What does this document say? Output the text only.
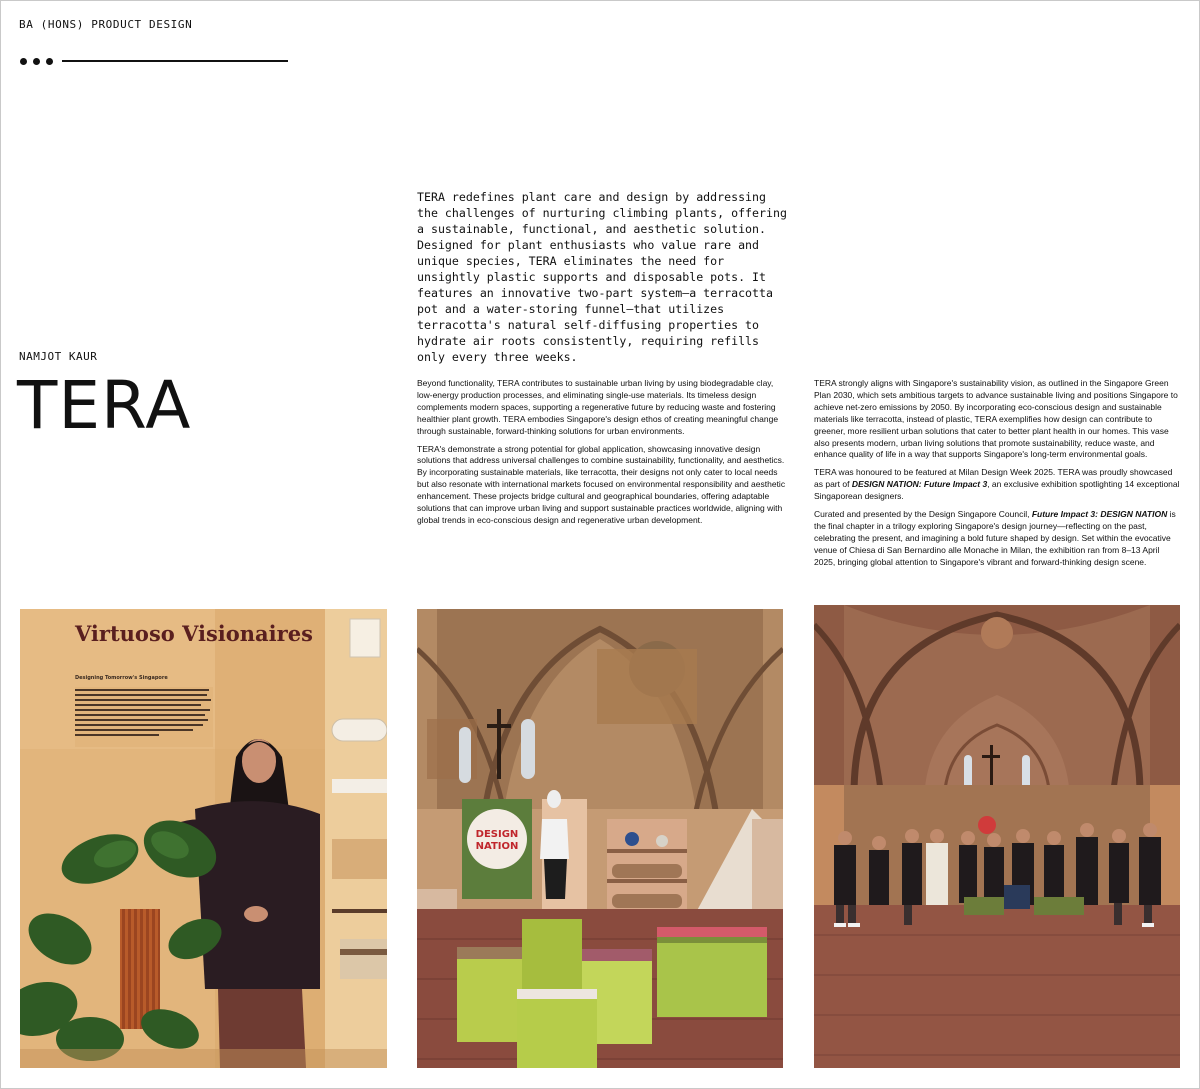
BA (HONS) PRODUCT DESIGN

TERA redefines plant care and design by addressing the challenges of nurturing climbing plants, offering a sustainable, functional, and aesthetic solution. Designed for plant enthusiasts who value rare and unique species, TERA eliminates the need for unsightly plastic supports and disposable pots. It features an innovative two-part system—a terracotta pot and a water-storing funnel—that utilizes terracotta's natural self-diffusing properties to hydrate air roots consistently, requiring refills only every three weeks.

NAMJOT KAUR
TERA	Beyond functionality, TERA contributes to sustainable urban living by using biodegradable clay, low-energy production processes, and eliminating single-use materials. Its timeless design complements modern spaces, supporting a regenerative future by reducing waste and fostering healthier plant growth. TERA embodies Singapore's design ethos of creating meaningful change through sustainable, forward-thinking solutions for urban environments.

TERA's demonstrate a strong potential for global application, showcasing innovative design solutions that address universal challenges to combine sustainability, functionality, and aesthetics. By incorporating sustainable materials, like terracotta, their designs not only cater to local needs but also resonate with international markets focused on environmental responsibility and aesthetic enhancement. These projects bridge cultural and geographical boundaries, offering adaptable solutions that can improve urban living and support sustainable practices worldwide, aligning with global trends in eco-conscious design and regenerative urban development.

TERA strongly aligns with Singapore's sustainability vision, as outlined in the Singapore Green Plan 2030, which sets ambitious targets to advance sustainable living and positions Singapore to achieve net-zero emissions by 2050. By incorporating eco-conscious design and sustainable materials like terracotta, instead of plastic, TERA exemplifies how design can contribute to greener, more resilient urban solutions that cater to better plant health in our homes. This vase also presents modern, urban living solutions that promote sustainability, reduce waste, and enhance quality of life in a way that supports Singapore's long-term environmental goals.

TERA was honoured to be featured at Milan Design Week 2025. TERA was proudly showcased as part of DESIGN NATION: Future Impact 3, an exclusive exhibition spotlighting 14 exceptional Singaporean designers.

Curated and presented by the Design Singapore Council, Future Impact 3: DESIGN NATION is the final chapter in a trilogy exploring Singapore's design journey—reflecting on the past, celebrating the present, and imagining a bold future shaped by design. Set within the evocative venue of Chiesa di San Bernardino alle Monache in Milan, the exhibition ran from 8–13 April 2025, bringing global attention to Singapore's vibrant and forward-thinking design scene.

Virtuoso Visionaires
Designing Tomorrow's Singapore
DESIGN
NATION
